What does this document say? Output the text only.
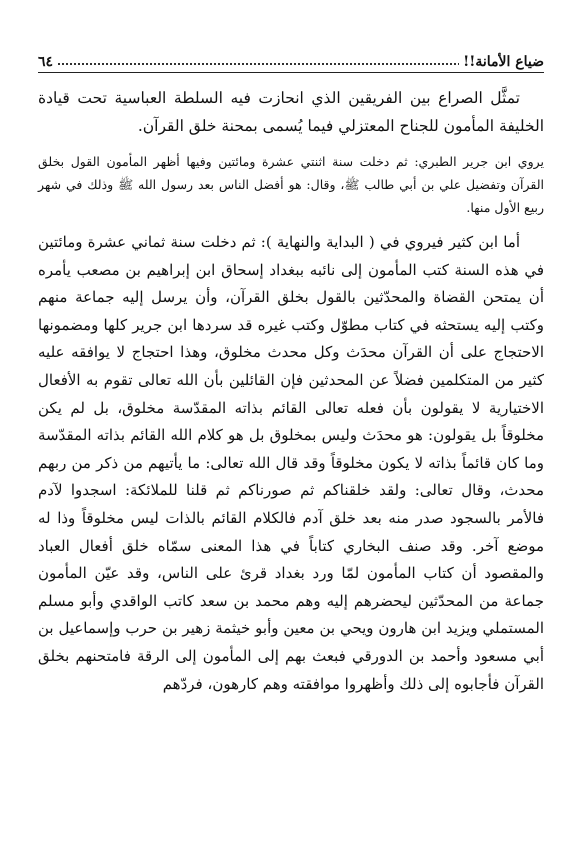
ضياع الأمانة!!
٦٤

تمثَّل الصراع بين الفريقين الذي انحازت فيه السلطة العباسية تحت قيادة الخليفة المأمون للجناح المعتزلي فيما يُسمى بمحنة خلق القرآن.

يروي ابن جرير الطبري: ثم دخلت سنة اثنتي عشرة ومائتين وفيها أظهر المأمون القول بخلق القرآن وتفضيل علي بن أبي طالب ﷺ، وقال: هو أفضل الناس بعد رسول الله ﷺ وذلك في شهر ربيع الأول منها.

أما ابن كثير فيروي في ( البداية والنهاية ): ثم دخلت سنة ثماني عشرة ومائتين في هذه السنة كتب المأمون إلى نائبه ببغداد إسحاق ابن إبراهيم بن مصعب يأمره أن يمتحن القضاة والمحدّثين بالقول بخلق القرآن، وأن يرسل إليه جماعة منهم وكتب إليه يستحثه في كتاب مطوّل وكتب غيره قد سردها ابن جرير كلها ومضمونها الاحتجاج على أن القرآن محدَث وكل محدث مخلوق، وهذا احتجاج لا يوافقه عليه كثير من المتكلمين فضلاً عن المحدثين فإن القائلين بأن الله تعالى تقوم به الأفعال الاختيارية لا يقولون بأن فعله تعالى القائم بذاته المقدّسة مخلوق، بل لم يكن مخلوقاً بل يقولون: هو محدَث وليس بمخلوق بل هو كلام الله القائم بذاته المقدّسة وما كان قائماً بذاته لا يكون مخلوقاً وقد قال الله تعالى: ما يأتيهم من ذكر من ربهم محدث، وقال تعالى: ولقد خلقناكم ثم صورناكم ثم قلنا للملائكة: اسجدوا لآدم فالأمر بالسجود صدر منه بعد خلق آدم فالكلام القائم بالذات ليس مخلوقاً وذا له موضع آخر. وقد صنف البخاري كتاباً في هذا المعنى سمّاه خلق أفعال العباد والمقصود أن كتاب المأمون لمّا ورد بغداد قرئ على الناس، وقد عيّن المأمون جماعة من المحدّثين ليحضرهم إليه وهم محمد بن سعد كاتب الواقدي وأبو مسلم المستملي ويزيد ابن هارون ويحي بن معين وأبو خيثمة زهير بن حرب وإسماعيل بن أبي مسعود وأحمد بن الدورقي فبعث بهم إلى المأمون إلى الرقة فامتحنهم بخلق القرآن فأجابوه إلى ذلك وأظهروا موافقته وهم كارهون، فردّهم
